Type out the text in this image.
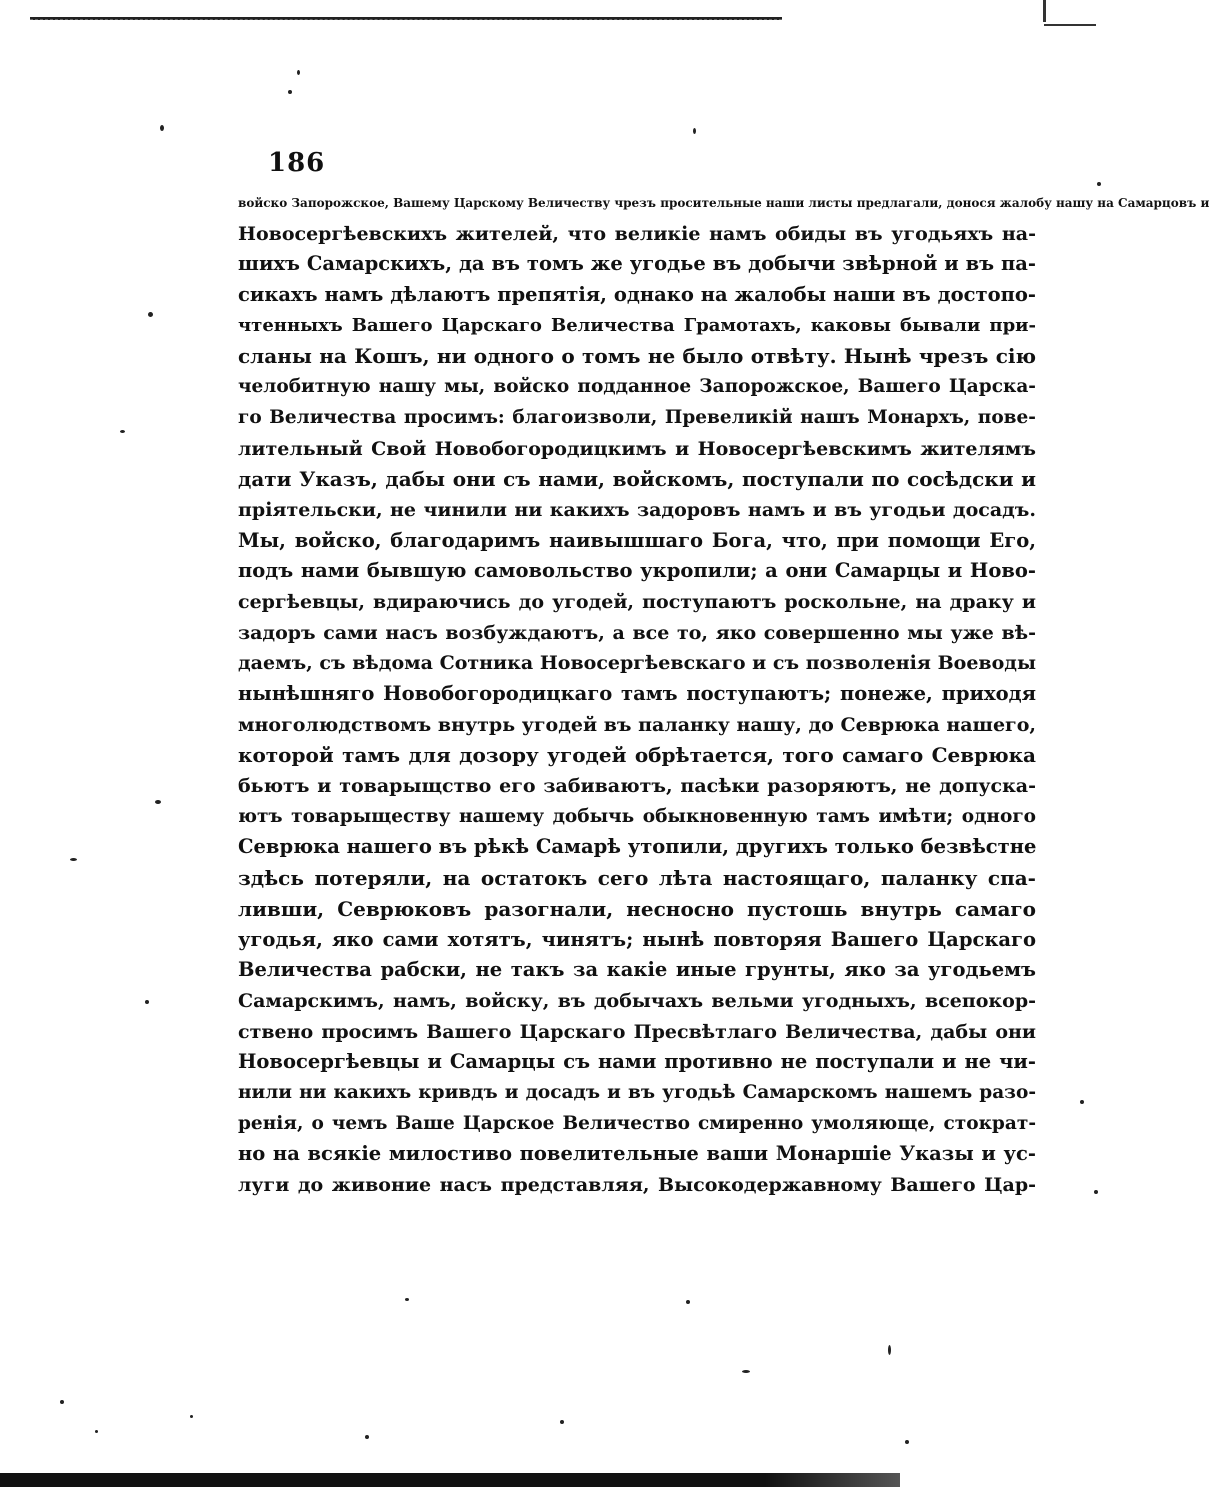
186
войско Запорожское, Вашему Царскому Величеству чрезъ просительные наши листы предлагали, донося жалобу нашу на Самарцовъ и
Новосергѣевскихъ жителей, что великіе намъ обиды въ угодьяхъ на-
шихъ Самарскихъ, да въ томъ же угодье въ добычи звѣрной и въ па-
сикахъ намъ дѣлаютъ препятія, однако на жалобы наши въ достопо-
чтенныхъ Вашего Царскаго Величества Грамотахъ, каковы бывали при-
сланы на Кошъ, ни одного о томъ не было отвѣту. Нынѣ чрезъ сію
челобитную нашу мы, войско подданное Запорожское, Вашего Царска-
го Величества просимъ: благоизволи, Превеликій нашъ Монархъ, пове-
лительный Свой Новобогородицкимъ и Новосергѣевскимъ жителямъ
дати Указъ, дабы они съ нами, войскомъ, поступали по сосѣдски и
пріятельски, не чинили ни какихъ задоровъ намъ и въ угодьи досадъ.
Мы, войско, благодаримъ наивышшаго Бога, что, при помощи Его,
подъ нами бывшую самовольство укропили; а они Самарцы и Ново-
сергѣевцы, вдираючись до угодей, поступаютъ роскольне, на драку и
задоръ сами насъ возбуждаютъ, а все то, яко совершенно мы уже вѣ-
даемъ, съ вѣдома Сотника Новосергѣевскаго и съ позволенія Воеводы
нынѣшняго Новобогородицкаго тамъ поступаютъ; понеже, приходя
многолюдствомъ внутрь угодей въ паланку нашу, до Севрюка нашего,
которой тамъ для дозору угодей обрѣтается, того самаго Севрюка
бьютъ и товарыщство его забиваютъ, пасѣки разоряютъ, не допуска-
ютъ товарыществу нашему добычь обыкновенную тамъ имѣти; одного
Севрюка нашего въ рѣкѣ Самарѣ утопили, другихъ только безвѣстне
здѣсь потеряли, на остатокъ сего лѣта настоящаго, паланку спа-
ливши, Севрюковъ разогнали, несносно пустошь внутрь самаго
угодья, яко сами хотятъ, чинятъ; нынѣ повторяя Вашего Царскаго
Величества рабски, не такъ за какіе иные грунты, яко за угодьемъ
Самарскимъ, намъ, войску, въ добычахъ вельми угодныхъ, всепокор-
ствено просимъ Вашего Царскаго Пресвѣтлаго Величества, дабы они
Новосергѣевцы и Самарцы съ нами противно не поступали и не чи-
нили ни какихъ кривдъ и досадъ и въ угодьѣ Самарскомъ нашемъ разо-
ренія, о чемъ Ваше Царское Величество смиренно умоляюще, стократ-
но на всякіе милостиво повелительные ваши Монаршіе Указы и ус-
луги до живоние насъ представляя, Высокодержавному Вашего Цар-
